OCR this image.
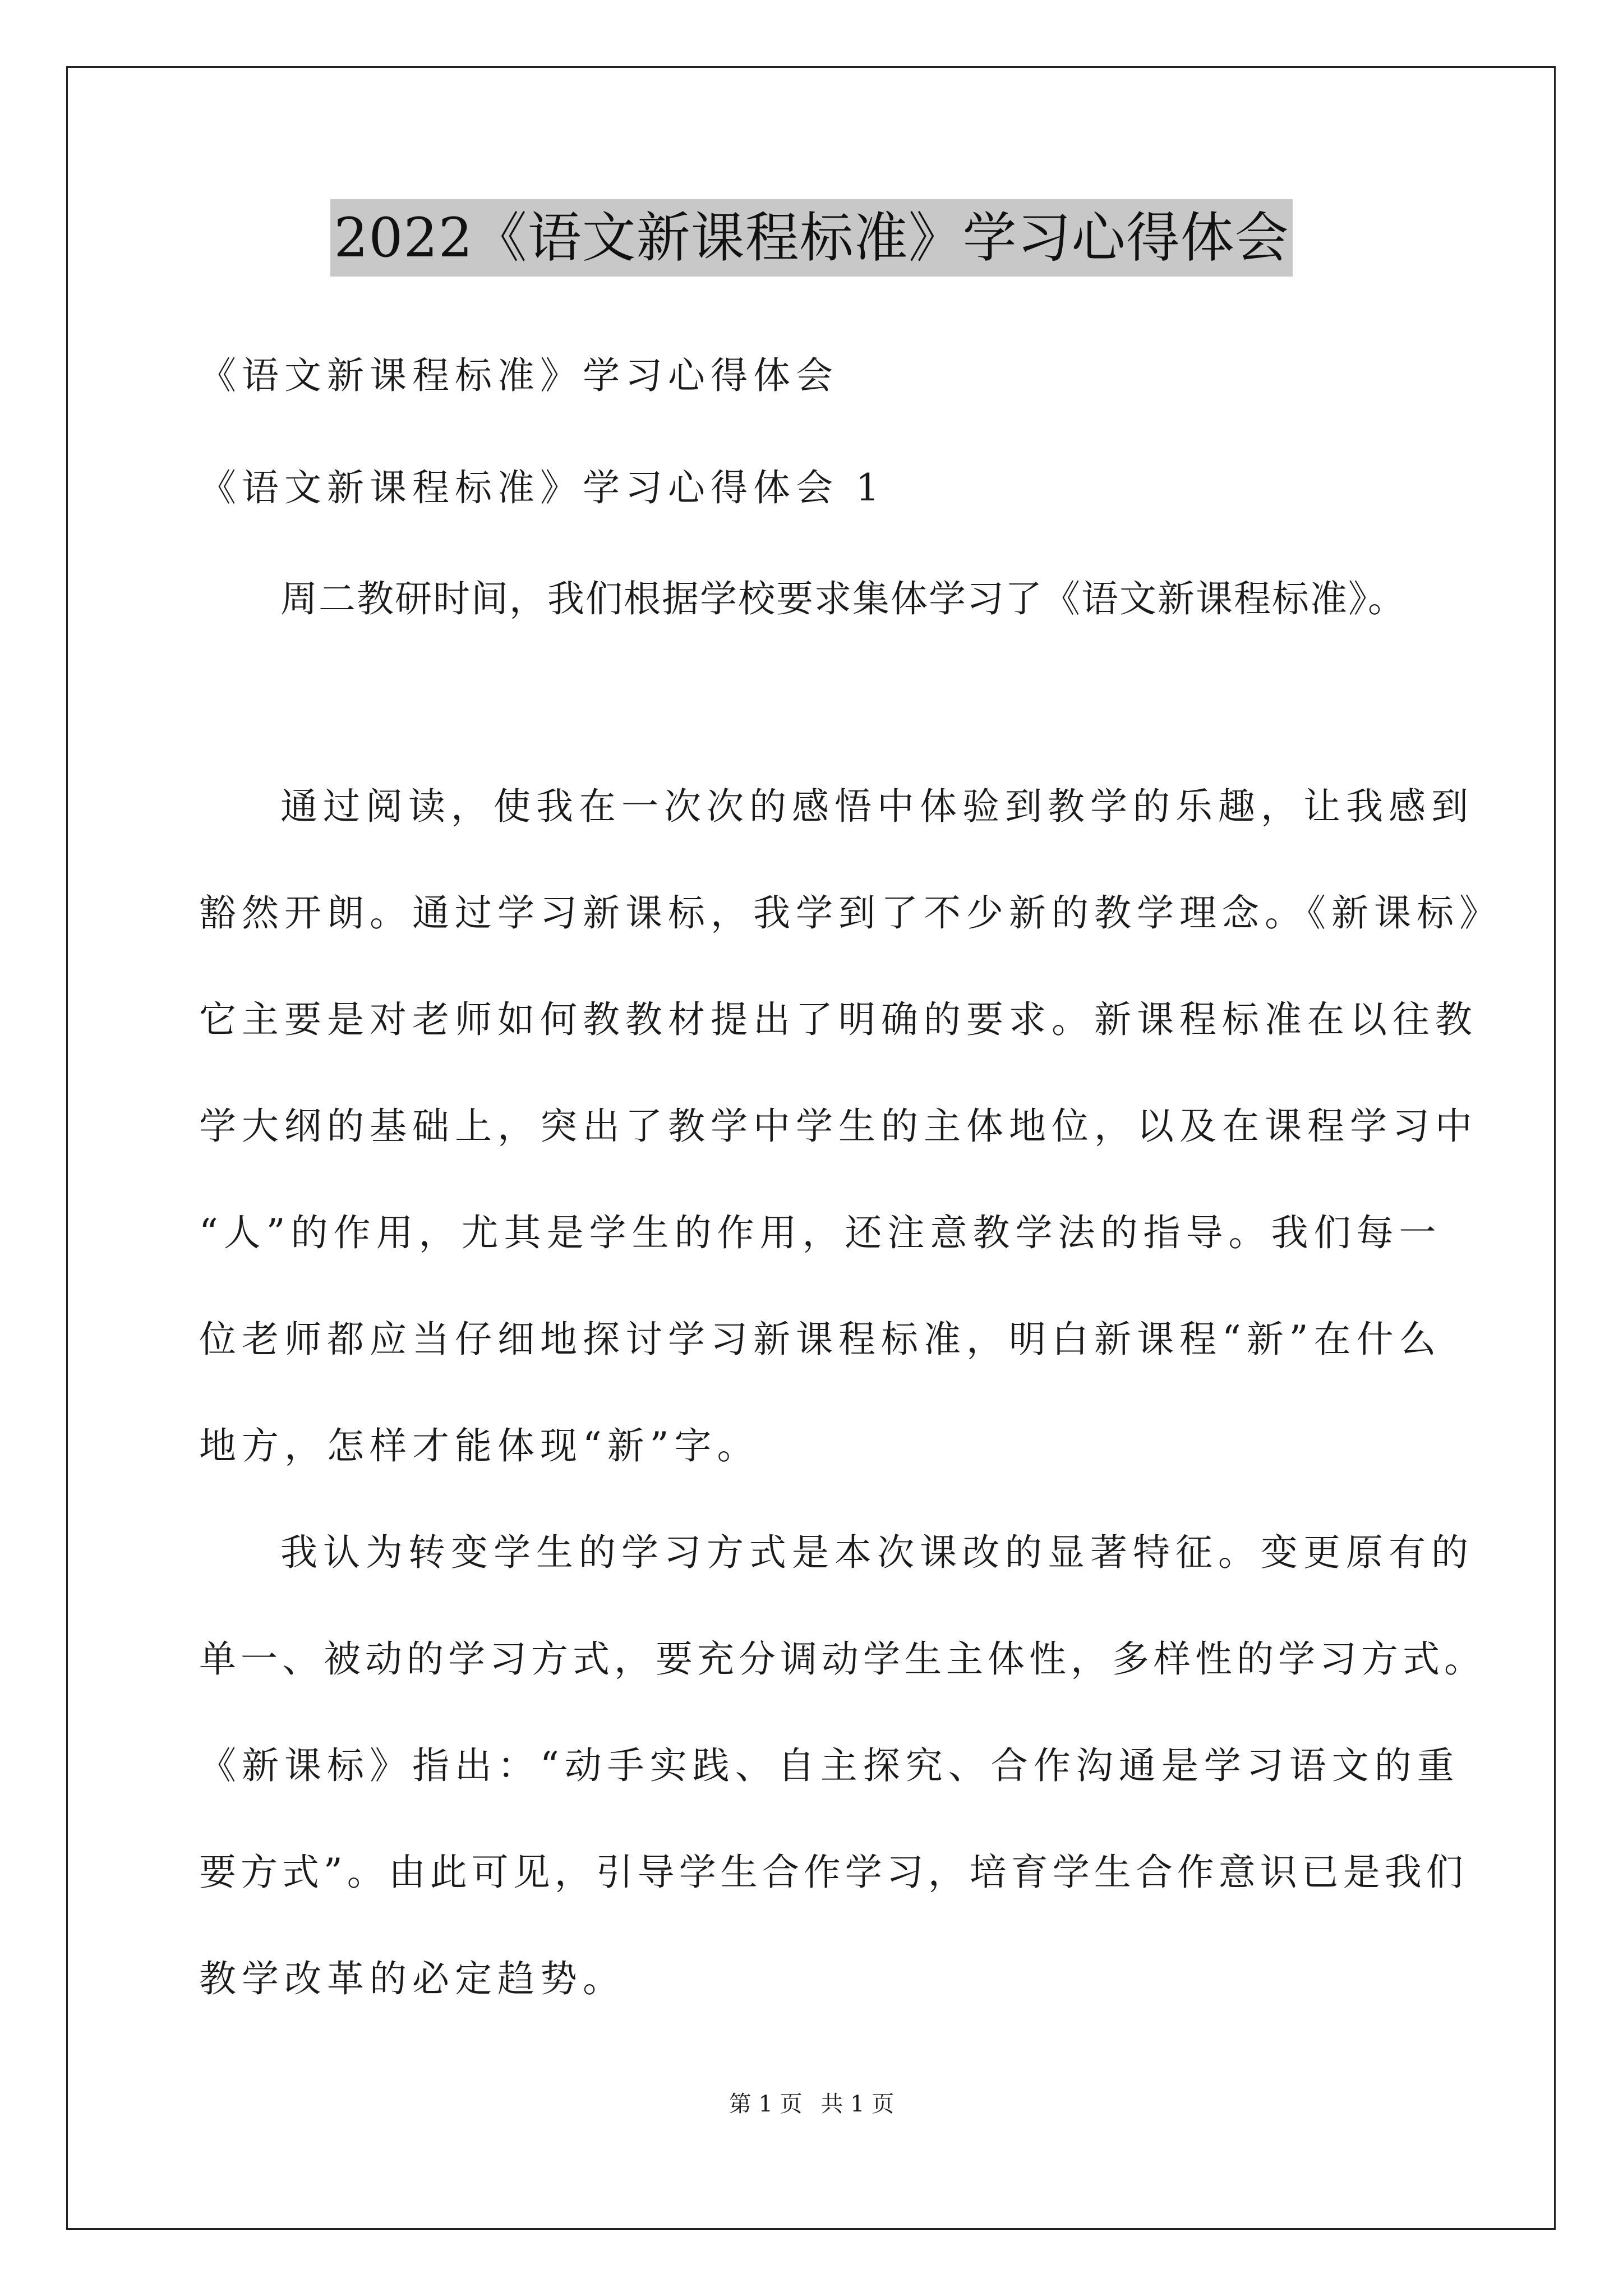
2022《语文新课程标准》学习心得体会
《语文新课程标准》学习心得体会
《语文新课程标准》学习心得体会 1
周二教研时间，我们根据学校要求集体学习了《语文新课程标准》。
通过阅读，使我在一次次的感悟中体验到教学的乐趣，让我感到
豁然开朗。通过学习新课标，我学到了不少新的教学理念。《新课标》
它主要是对老师如何教教材提出了明确的要求。新课程标准在以往教
学大纲的基础上，突出了教学中学生的主体地位，以及在课程学习中
“人”的作用，尤其是学生的作用，还注意教学法的指导。我们每一
位老师都应当仔细地探讨学习新课程标准，明白新课程“新”在什么
地方，怎样才能体现“新”字。
我认为转变学生的学习方式是本次课改的显著特征。变更原有的
单一、被动的学习方式，要充分调动学生主体性，多样性的学习方式。
《新课标》指出：“动手实践、自主探究、合作沟通是学习语文的重
要方式”。由此可见，引导学生合作学习，培育学生合作意识已是我们
教学改革的必定趋势。
第 1 页 共 1 页
